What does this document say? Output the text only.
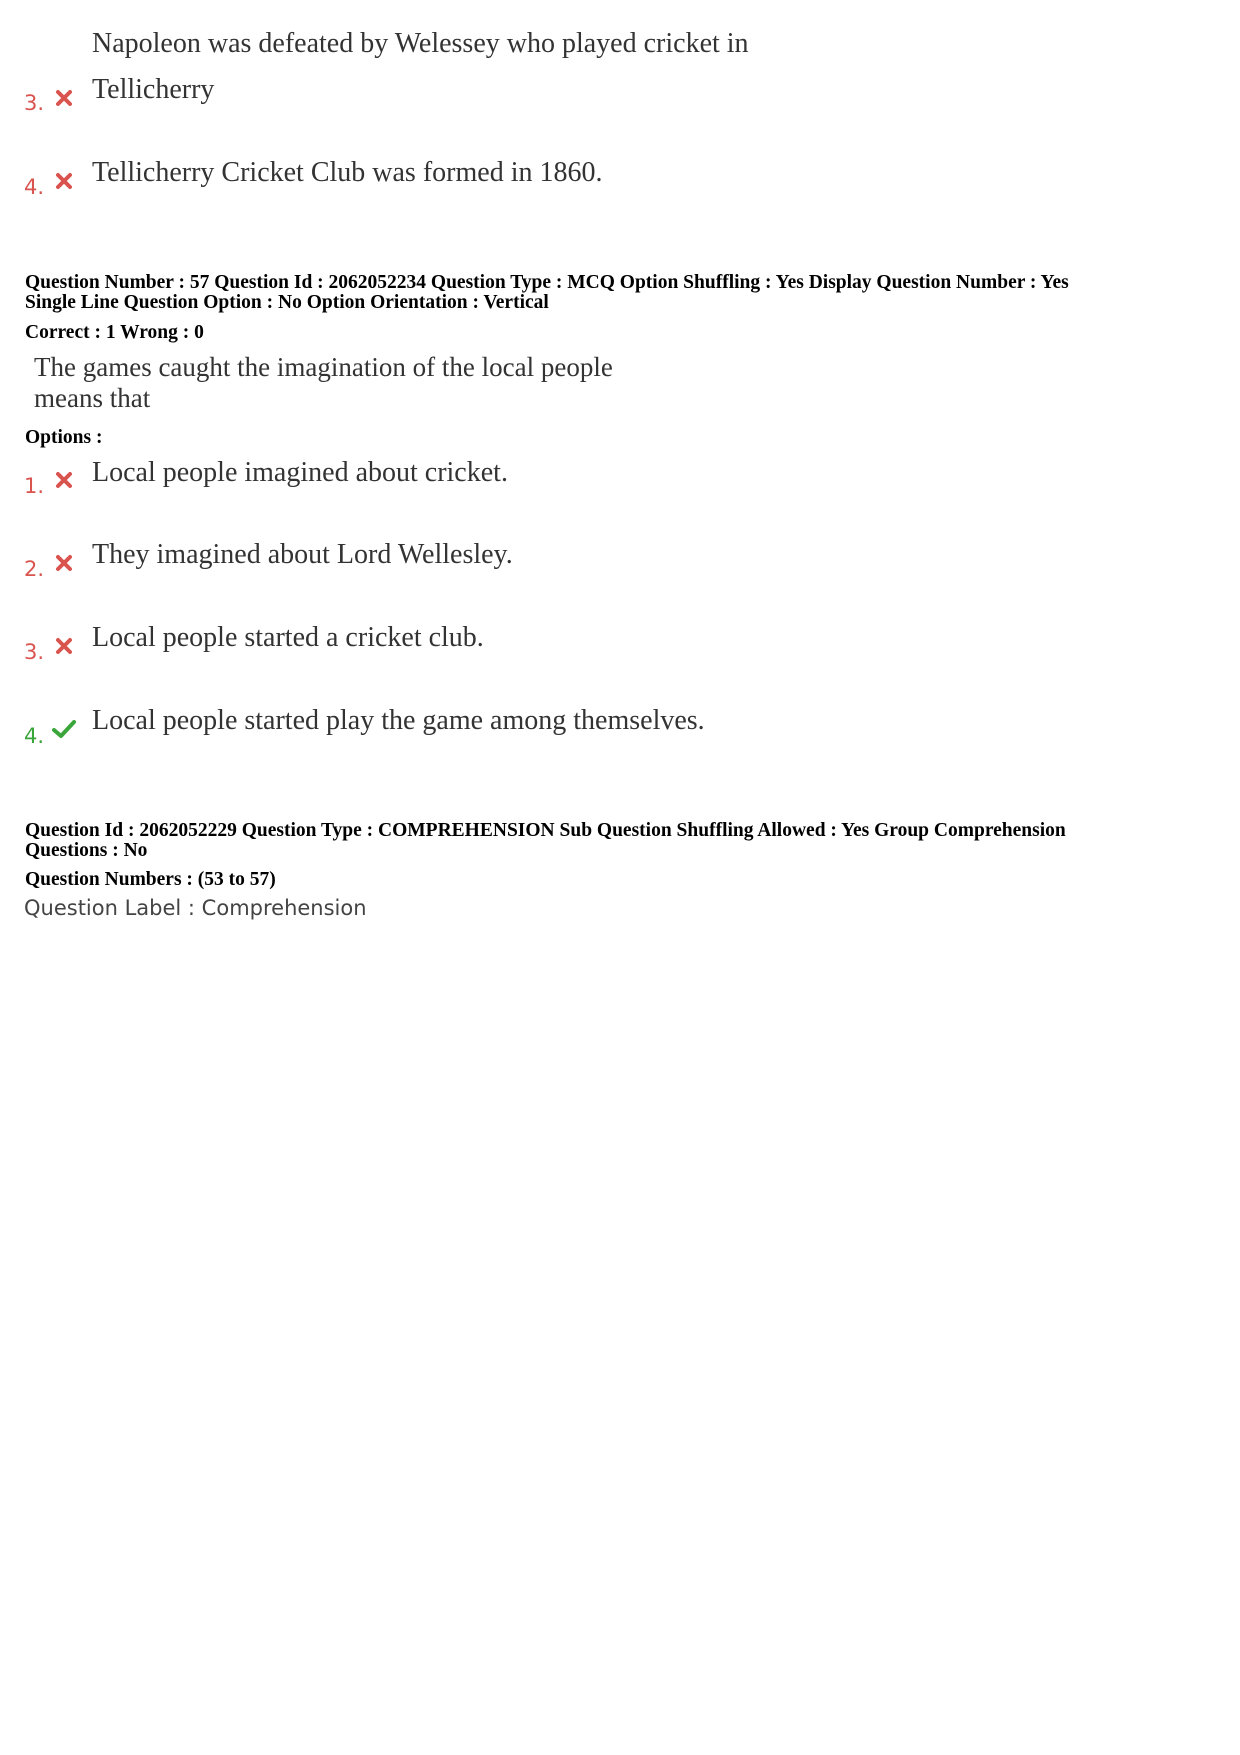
Napoleon was defeated by Welessey who played cricket in
3. Tellicherry
4. Tellicherry Cricket Club was formed in 1860.
Question Number : 57 Question Id : 2062052234 Question Type : MCQ Option Shuffling : Yes Display Question Number : Yes
Single Line Question Option : No Option Orientation : Vertical
Correct : 1 Wrong : 0
The games caught the imagination of the local people
means that
Options :
1. Local people imagined about cricket.
2. They imagined about Lord Wellesley.
3. Local people started a cricket club.
4. Local people started play the game among themselves.
Question Id : 2062052229 Question Type : COMPREHENSION Sub Question Shuffling Allowed : Yes Group Comprehension
Questions : No
Question Numbers : (53 to 57)
Question Label : Comprehension
